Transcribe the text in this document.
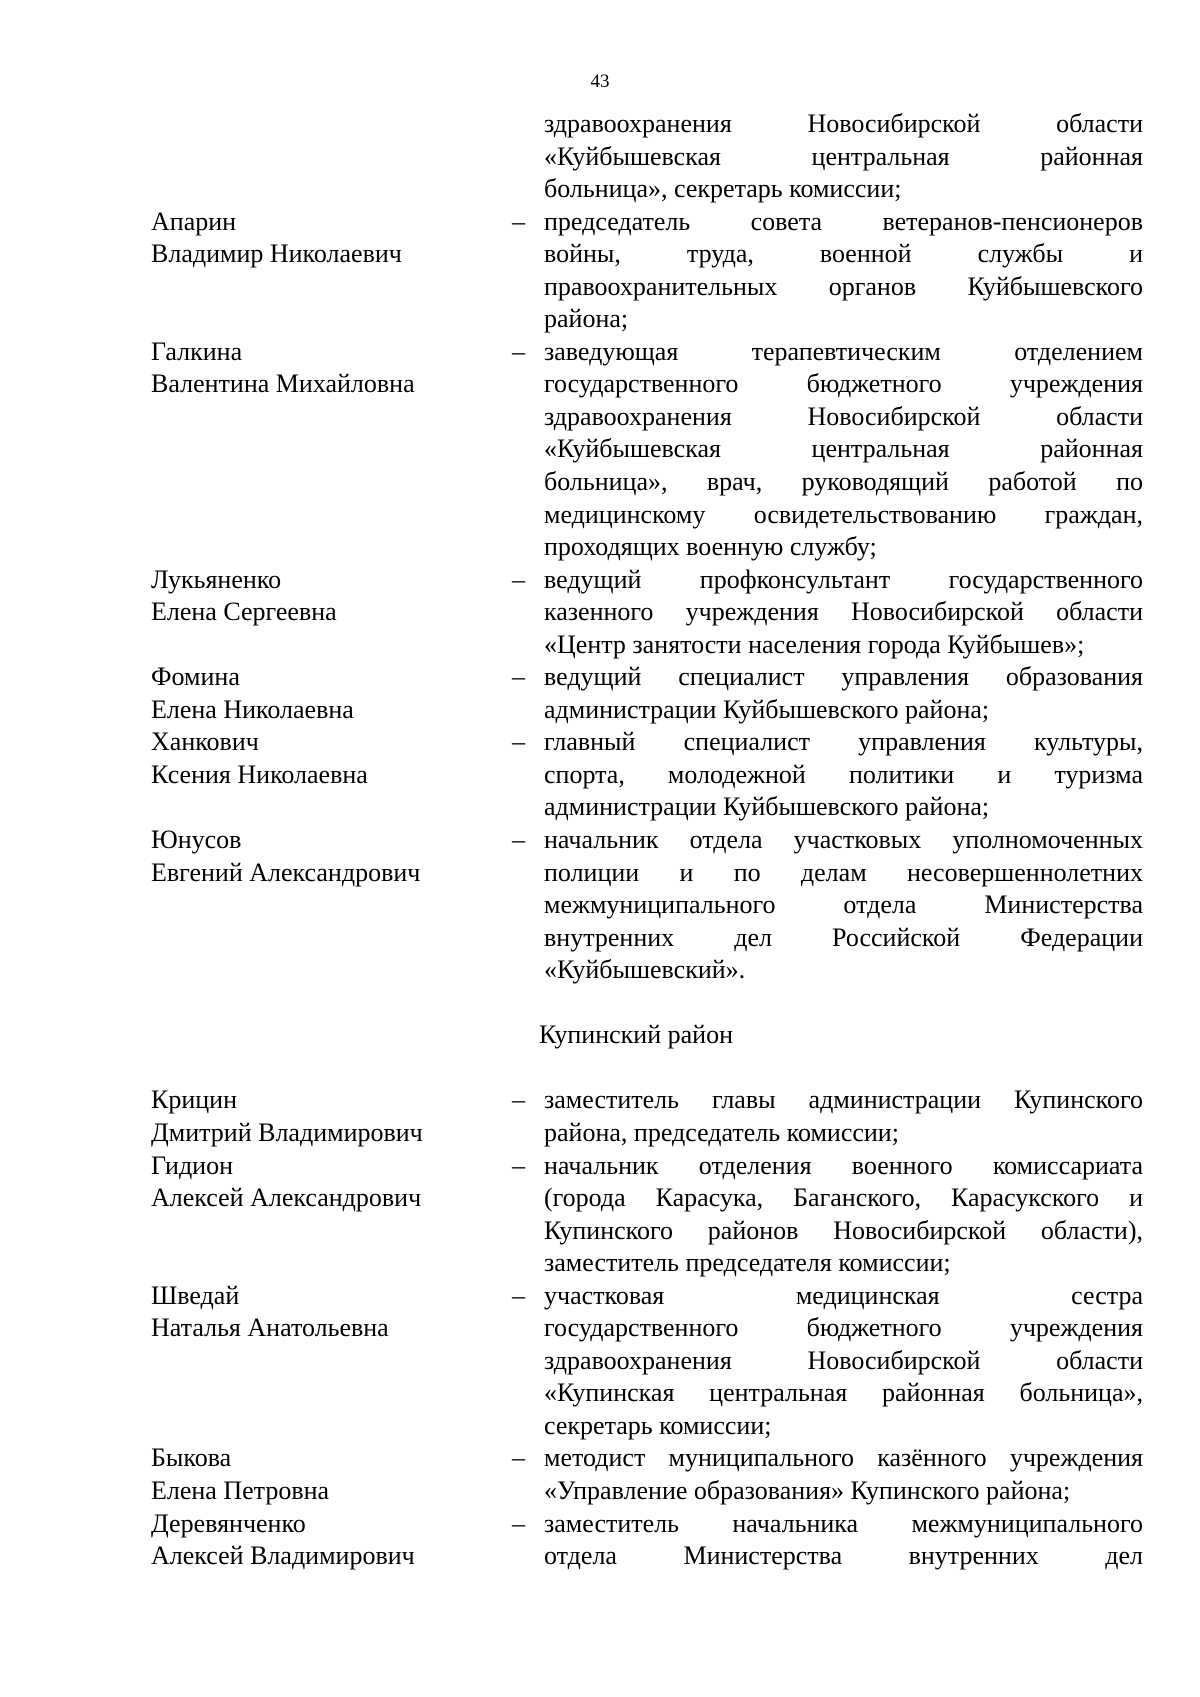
43
здравоохранения Новосибирской области
«Куйбышевская центральная районная
больница», секретарь комиссии;
Апарин	– председатель совета ветеранов-пенсионеров
Владимир Николаевич	войны, труда, военной службы и
правоохранительных органов Куйбышевского
района;
Галкина	– заведующая терапевтическим отделением
Валентина Михайловна	государственного бюджетного учреждения
здравоохранения Новосибирской области
«Куйбышевская центральная районная
больница», врач, руководящий работой по
медицинскому освидетельствованию граждан,
проходящих военную службу;
Лукьяненко	– ведущий профконсультант государственного
Елена Сергеевна	казенного учреждения Новосибирской области
«Центр занятости населения города Куйбышев»;
Фомина	– ведущий специалист управления образования
Елена Николаевна	администрации Куйбышевского района;
Ханкович	– главный специалист управления культуры,
Ксения Николаевна	спорта, молодежной политики и туризма
администрации Куйбышевского района;
Юнусов	– начальник отдела участковых уполномоченных
Евгений Александрович	полиции и по делам несовершеннолетних
межмуниципального отдела Министерства
внутренних дел Российской Федерации
«Куйбышевский».
Купинский район
Крицин	– заместитель главы администрации Купинского
Дмитрий Владимирович	района, председатель комиссии;
Гидион	– начальник отделения военного комиссариата
Алексей Александрович	(города Карасука, Баганского, Карасукского и
Купинского районов Новосибирской области),
заместитель председателя комиссии;
Шведай	– участковая медицинская сестра
Наталья Анатольевна	государственного бюджетного учреждения
здравоохранения Новосибирской области
«Купинская центральная районная больница»,
секретарь комиссии;
Быкова	– методист муниципального казённого учреждения
Елена Петровна	«Управление образования» Купинского района;
Деревянченко	– заместитель начальника межмуниципального
Алексей Владимирович	отдела Министерства внутренних дел
